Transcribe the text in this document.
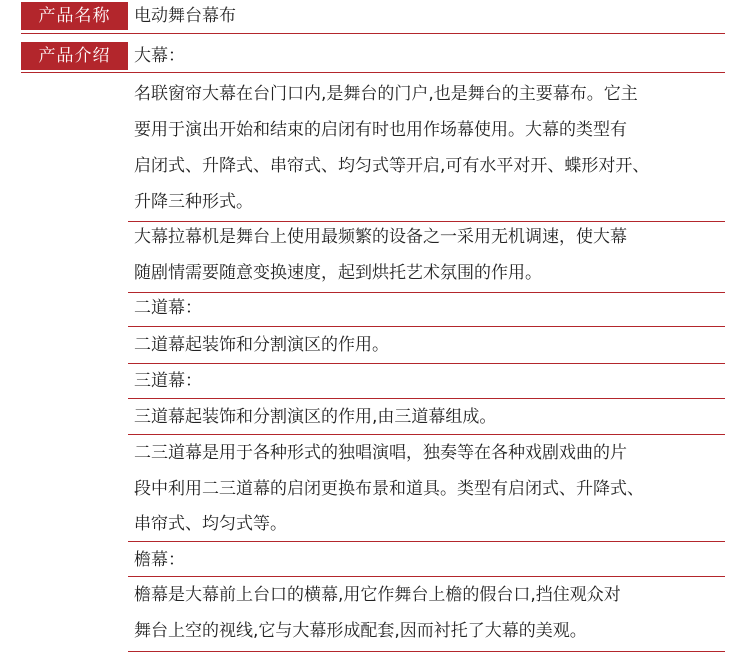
产品名称	电动舞台幕布
产品介绍	大幕：
名联窗帘大幕在台门口内,是舞台的门户,也是舞台的主要幕布。它主
要用于演出开始和结束的启闭有时也用作场幕使用。大幕的类型有
启闭式、升降式、串帘式、均匀式等开启,可有水平对开、蝶形对开、
升降三种形式。
大幕拉幕机是舞台上使用最频繁的设备之一采用无机调速，使大幕
随剧情需要随意变换速度，起到烘托艺术氛围的作用。
二道幕：
二道幕起装饰和分割演区的作用。
三道幕：
三道幕起装饰和分割演区的作用,由三道幕组成。
二三道幕是用于各种形式的独唱演唱，独奏等在各种戏剧戏曲的片
段中利用二三道幕的启闭更换布景和道具。类型有启闭式、升降式、
串帘式、均匀式等。
檐幕：
檐幕是大幕前上台口的横幕,用它作舞台上檐的假台口,挡住观众对
舞台上空的视线,它与大幕形成配套,因而衬托了大幕的美观。
